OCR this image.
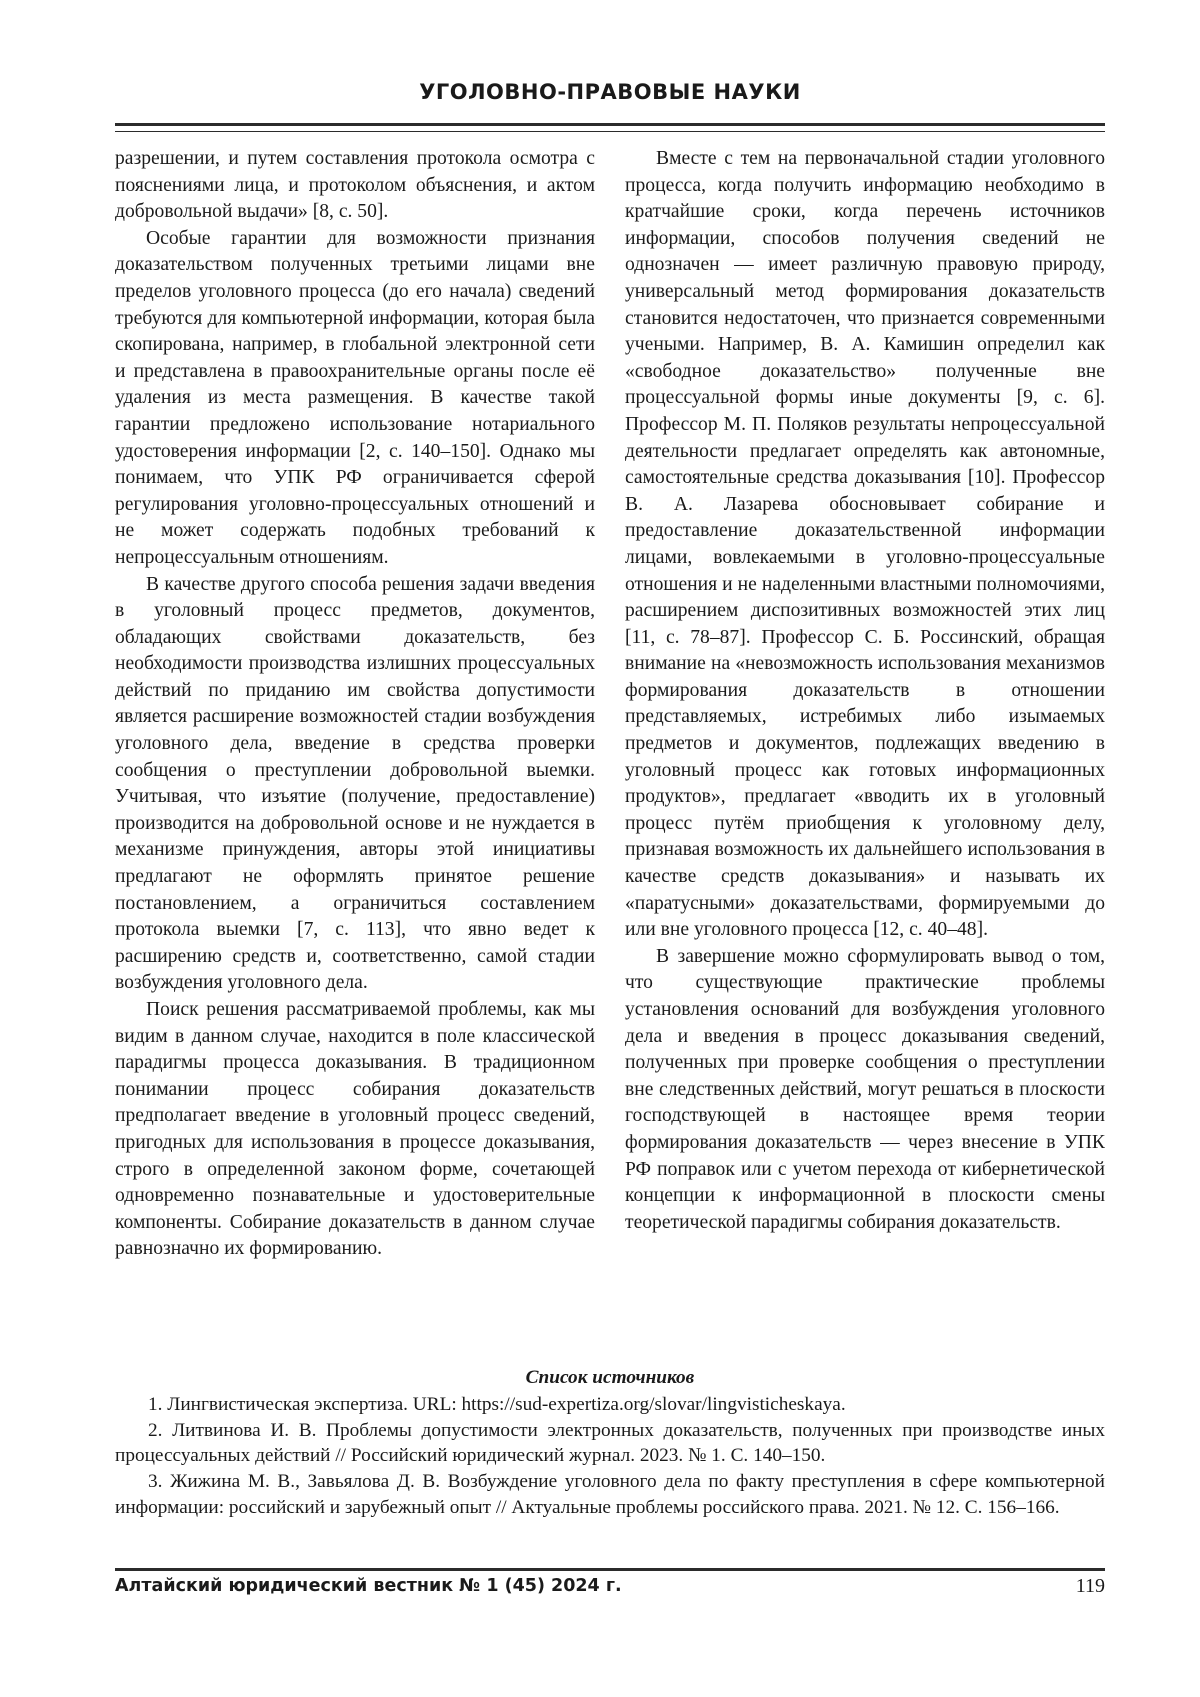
УГОЛОВНО-ПРАВОВЫЕ НАУКИ

разрешении, и путем составления протокола осмотра с пояснениями лица, и протоколом объяснения, и актом добровольной выдачи» [8, с. 50].

Особые гарантии для возможности признания доказательством полученных третьими лицами вне пределов уголовного процесса (до его начала) сведений требуются для компьютерной информации, которая была скопирована, например, в глобальной электронной сети и представлена в правоохранительные органы после её удаления из места размещения. В качестве такой гарантии предложено использование нотариального удостоверения информации [2, с. 140–150]. Однако мы понимаем, что УПК РФ ограничивается сферой регулирования уголовно-процессуальных отношений и не может содержать подобных требований к непроцессуальным отношениям.

В качестве другого способа решения задачи введения в уголовный процесс предметов, документов, обладающих свойствами доказательств, без необходимости производства излишних процессуальных действий по приданию им свойства допустимости является расширение возможностей стадии возбуждения уголовного дела, введение в средства проверки сообщения о преступлении добровольной выемки. Учитывая, что изъятие (получение, предоставление) производится на добровольной основе и не нуждается в механизме принуждения, авторы этой инициативы предлагают не оформлять принятое решение постановлением, а ограничиться составлением протокола выемки [7, с. 113], что явно ведет к расширению средств и, соответственно, самой стадии возбуждения уголовного дела.

Поиск решения рассматриваемой проблемы, как мы видим в данном случае, находится в поле классической парадигмы процесса доказывания. В традиционном понимании процесс собирания доказательств предполагает введение в уголовный процесс сведений, пригодных для использования в процессе доказывания, строго в определенной законом форме, сочетающей одновременно познавательные и удостоверительные компоненты. Собирание доказательств в данном случае равнозначно их формированию.

Вместе с тем на первоначальной стадии уголовного процесса, когда получить информацию необходимо в кратчайшие сроки, когда перечень источников информации, способов получения сведений не однозначен — имеет различную правовую природу, универсальный метод формирования доказательств становится недостаточен, что признается современными учеными. Например, В. А. Камишин определил как «свободное доказательство» полученные вне процессуальной формы иные документы [9, с. 6]. Профессор М. П. Поляков результаты непроцессуальной деятельности предлагает определять как автономные, самостоятельные средства доказывания [10]. Профессор В. А. Лазарева обосновывает собирание и предоставление доказательственной информации лицами, вовлекаемыми в уголовно-процессуальные отношения и не наделенными властными полномочиями, расширением диспозитивных возможностей этих лиц [11, с. 78–87]. Профессор С. Б. Россинский, обращая внимание на «невозможность использования механизмов формирования доказательств в отношении представляемых, истребимых либо изымаемых предметов и документов, подлежащих введению в уголовный процесс как готовых информационных продуктов», предлагает «вводить их в уголовный процесс путём приобщения к уголовному делу, признавая возможность их дальнейшего использования в качестве средств доказывания» и называть их «паратусными» доказательствами, формируемыми до или вне уголовного процесса [12, с. 40–48].

В завершение можно сформулировать вывод о том, что существующие практические проблемы установления оснований для возбуждения уголовного дела и введения в процесс доказывания сведений, полученных при проверке сообщения о преступлении вне следственных действий, могут решаться в плоскости господствующей в настоящее время теории формирования доказательств — через внесение в УПК РФ поправок или с учетом перехода от кибернетической концепции к информационной в плоскости смены теоретической парадигмы собирания доказательств.

Список источников

1. Лингвистическая экспертиза. URL: https://sud-expertiza.org/slovar/lingvisticheskaya.

2. Литвинова И. В. Проблемы допустимости электронных доказательств, полученных при производстве иных процессуальных действий // Российский юридический журнал. 2023. № 1. С. 140–150.

3. Жижина М. В., Завьялова Д. В. Возбуждение уголовного дела по факту преступления в сфере компьютерной информации: российский и зарубежный опыт // Актуальные проблемы российского права. 2021. № 12. С. 156–166.

Алтайский юридический вестник № 1 (45) 2024 г.	119
